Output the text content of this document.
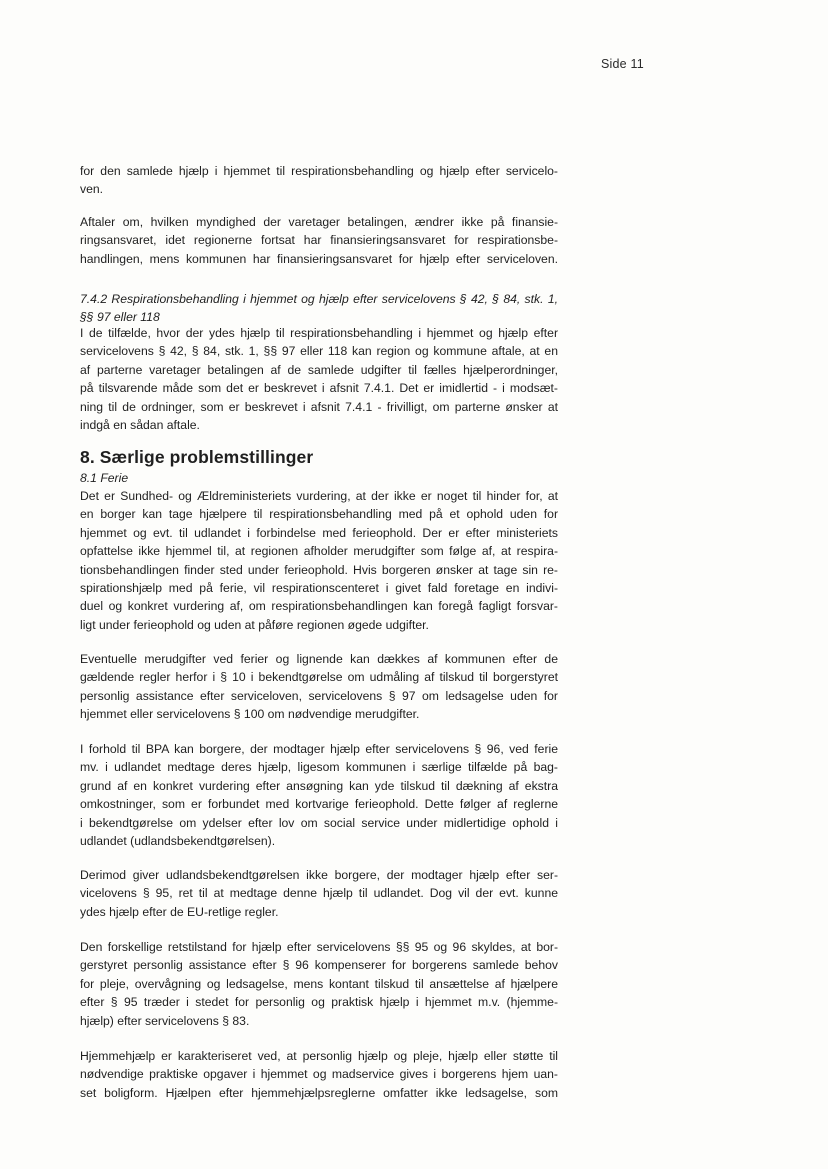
Side 11
for den samlede hjælp i hjemmet til respirationsbehandling og hjælp efter servicelo-
ven.
Aftaler om, hvilken myndighed der varetager betalingen, ændrer ikke på finansie-
ringsansvaret, idet regionerne fortsat har finansieringsansvaret for respirationsbe-
handlingen, mens kommunen har finansieringsansvaret for hjælp efter serviceloven.
7.4.2 Respirationsbehandling i hjemmet og hjælp efter servicelovens § 42, § 84, stk. 1,
§§ 97 eller 118
I de tilfælde, hvor der ydes hjælp til respirationsbehandling i hjemmet og hjælp efter
servicelovens § 42, § 84, stk. 1, §§ 97 eller 118 kan region og kommune aftale, at en
af parterne varetager betalingen af de samlede udgifter til fælles hjælperordninger,
på tilsvarende måde som det er beskrevet i afsnit 7.4.1. Det er imidlertid - i modsæt-
ning til de ordninger, som er beskrevet i afsnit 7.4.1 - frivilligt, om parterne ønsker at
indgå en sådan aftale.
8. Særlige problemstillinger
8.1 Ferie
Det er Sundhed- og Ældreministeriets vurdering, at der ikke er noget til hinder for, at
en borger kan tage hjælpere til respirationsbehandling med på et ophold uden for
hjemmet og evt. til udlandet i forbindelse med ferieophold. Der er efter ministeriets
opfattelse ikke hjemmel til, at regionen afholder merudgifter som følge af, at respira-
tionsbehandlingen finder sted under ferieophold. Hvis borgeren ønsker at tage sin re-
spirationshjælp med på ferie, vil respirationscenteret i givet fald foretage en indivi-
duel og konkret vurdering af, om respirationsbehandlingen kan foregå fagligt forsvar-
ligt under ferieophold og uden at påføre regionen øgede udgifter.
Eventuelle merudgifter ved ferier og lignende kan dækkes af kommunen efter de
gældende regler herfor i § 10 i bekendtgørelse om udmåling af tilskud til borgerstyret
personlig assistance efter serviceloven, servicelovens § 97 om ledsagelse uden for
hjemmet eller servicelovens § 100 om nødvendige merudgifter.
I forhold til BPA kan borgere, der modtager hjælp efter servicelovens § 96, ved ferie
mv. i udlandet medtage deres hjælp, ligesom kommunen i særlige tilfælde på bag-
grund af en konkret vurdering efter ansøgning kan yde tilskud til dækning af ekstra
omkostninger, som er forbundet med kortvarige ferieophold. Dette følger af reglerne
i bekendtgørelse om ydelser efter lov om social service under midlertidige ophold i
udlandet (udlandsbekendtgørelsen).
Derimod giver udlandsbekendtgørelsen ikke borgere, der modtager hjælp efter ser-
vicelovens § 95, ret til at medtage denne hjælp til udlandet. Dog vil der evt. kunne
ydes hjælp efter de EU-retlige regler.
Den forskellige retstilstand for hjælp efter servicelovens §§ 95 og 96 skyldes, at bor-
gerstyret personlig assistance efter § 96 kompenserer for borgerens samlede behov
for pleje, overvågning og ledsagelse, mens kontant tilskud til ansættelse af hjælpere
efter § 95 træder i stedet for personlig og praktisk hjælp i hjemmet m.v. (hjemme-
hjælp) efter servicelovens § 83.
Hjemmehjælp er karakteriseret ved, at personlig hjælp og pleje, hjælp eller støtte til
nødvendige praktiske opgaver i hjemmet og madservice gives i borgerens hjem uan-
set boligform. Hjælpen efter hjemmehjælpsreglerne omfatter ikke ledsagelse, som
